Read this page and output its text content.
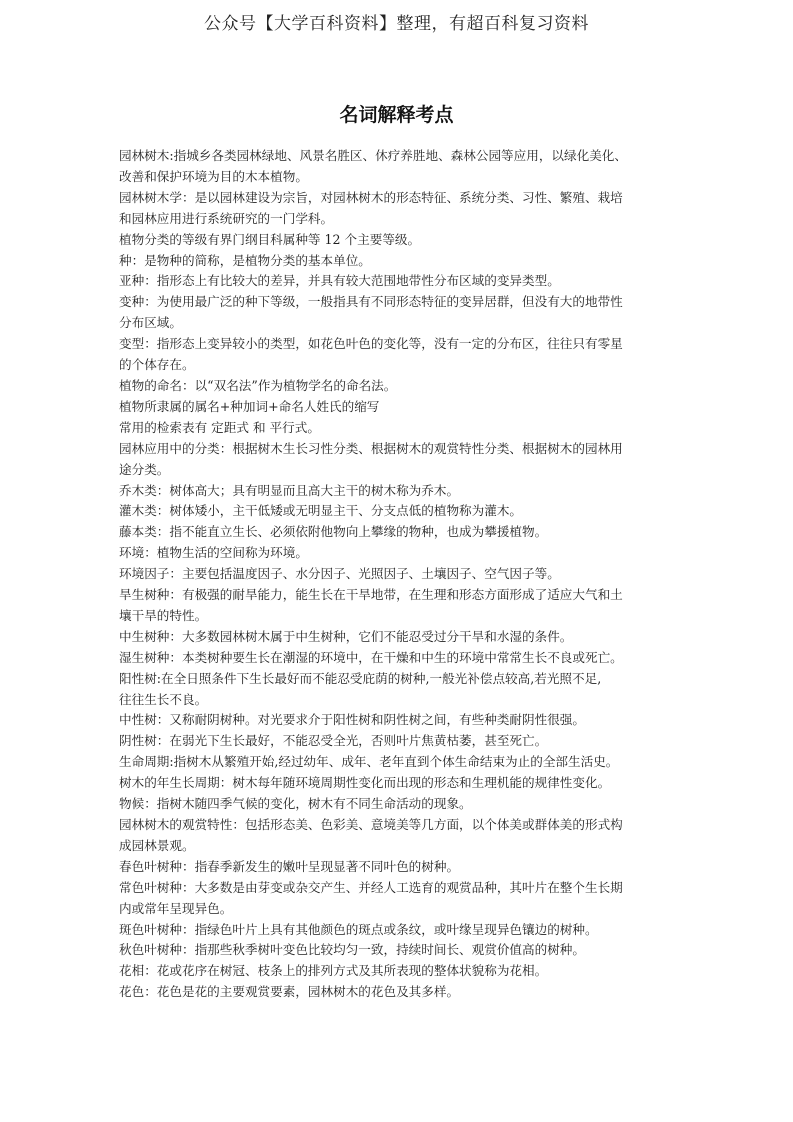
公众号【大学百科资料】整理，有超百科复习资料
名词解释考点
园林树木:指城乡各类园林绿地、风景名胜区、休疗养胜地、森林公园等应用，以绿化美化、
改善和保护环境为目的木本植物。
园林树木学：是以园林建设为宗旨，对园林树木的形态特征、系统分类、习性、繁殖、栽培
和园林应用进行系统研究的一门学科。
植物分类的等级有界门纲目科属种等 12 个主要等级。
种：是物种的简称，是植物分类的基本单位。
亚种：指形态上有比较大的差异，并具有较大范围地带性分布区域的变异类型。
变种：为使用最广泛的种下等级，一般指具有不同形态特征的变异居群，但没有大的地带性
分布区域。
变型：指形态上变异较小的类型，如花色叶色的变化等，没有一定的分布区，往往只有零星
的个体存在。
植物的命名：以“双名法”作为植物学名的命名法。
植物所隶属的属名+种加词+命名人姓氏的缩写
常用的检索表有 定距式 和 平行式。
园林应用中的分类：根据树木生长习性分类、根据树木的观赏特性分类、根据树木的园林用
途分类。
乔木类：树体高大；具有明显而且高大主干的树木称为乔木。
灌木类：树体矮小，主干低矮或无明显主干、分支点低的植物称为灌木。
藤本类：指不能直立生长、必须依附他物向上攀缘的物种，也成为攀援植物。
环境：植物生活的空间称为环境。
环境因子：主要包括温度因子、水分因子、光照因子、土壤因子、空气因子等。
旱生树种：有极强的耐旱能力，能生长在干旱地带，在生理和形态方面形成了适应大气和土
壤干旱的特性。
中生树种：大多数园林树木属于中生树种，它们不能忍受过分干旱和水湿的条件。
湿生树种：本类树种要生长在潮湿的环境中，在干燥和中生的环境中常常生长不良或死亡。
阳性树:在全日照条件下生长最好而不能忍受庇荫的树种,一般光补偿点较高,若光照不足,
往往生长不良。
中性树：又称耐阴树种。对光要求介于阳性树和阴性树之间，有些种类耐阴性很强。
阴性树：在弱光下生长最好，不能忍受全光，否则叶片焦黄枯萎，甚至死亡。
生命周期:指树木从繁殖开始,经过幼年、成年、老年直到个体生命结束为止的全部生活史。
树木的年生长周期：树木每年随环境周期性变化而出现的形态和生理机能的规律性变化。
物候：指树木随四季气候的变化，树木有不同生命活动的现象。
园林树木的观赏特性：包括形态美、色彩美、意境美等几方面，以个体美或群体美的形式构
成园林景观。
春色叶树种：指春季新发生的嫩叶呈现显著不同叶色的树种。
常色叶树种：大多数是由芽变或杂交产生、并经人工选育的观赏品种，其叶片在整个生长期
内或常年呈现异色。
斑色叶树种：指绿色叶片上具有其他颜色的斑点或条纹，或叶缘呈现异色镶边的树种。
秋色叶树种：指那些秋季树叶变色比较均匀一致，持续时间长、观赏价值高的树种。
花相：花或花序在树冠、枝条上的排列方式及其所表现的整体状貌称为花相。
花色：花色是花的主要观赏要素，园林树木的花色及其多样。
